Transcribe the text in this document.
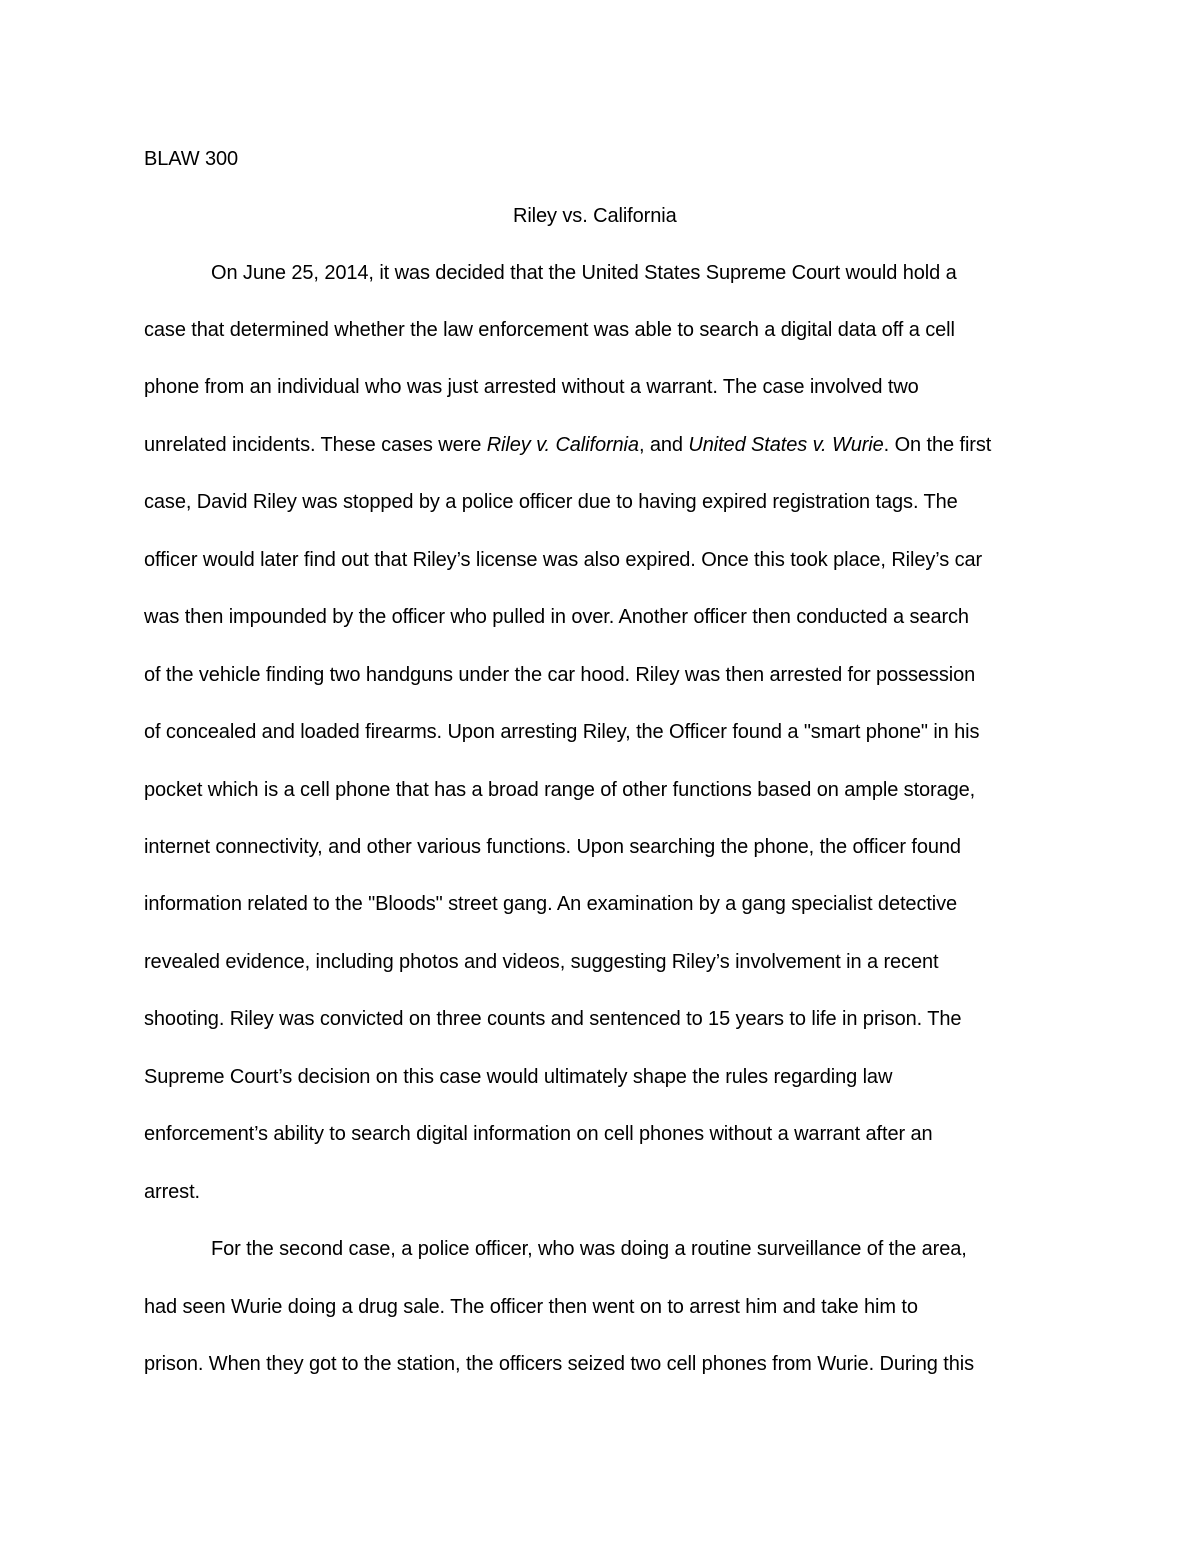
BLAW 300
Riley vs. California
On June 25, 2014, it was decided that the United States Supreme Court would hold a
case that determined whether the law enforcement was able to search a digital data off a cell
phone from an individual who was just arrested without a warrant. The case involved two
unrelated incidents. These cases were Riley v. California, and United States v. Wurie. On the first
case, David Riley was stopped by a police officer due to having expired registration tags. The
officer would later find out that Riley’s license was also expired. Once this took place, Riley’s car
was then impounded by the officer who pulled in over. Another officer then conducted a search
of the vehicle finding two handguns under the car hood. Riley was then arrested for possession
of concealed and loaded firearms. Upon arresting Riley, the Officer found a "smart phone" in his
pocket which is a cell phone that has a broad range of other functions based on ample storage,
internet connectivity, and other various functions. Upon searching the phone, the officer found
information related to the "Bloods" street gang. An examination by a gang specialist detective
revealed evidence, including photos and videos, suggesting Riley’s involvement in a recent
shooting. Riley was convicted on three counts and sentenced to 15 years to life in prison. The
Supreme Court’s decision on this case would ultimately shape the rules regarding law
enforcement’s ability to search digital information on cell phones without a warrant after an
arrest.
For the second case, a police officer, who was doing a routine surveillance of the area,
had seen Wurie doing a drug sale. The officer then went on to arrest him and take him to
prison. When they got to the station, the officers seized two cell phones from Wurie. During this
